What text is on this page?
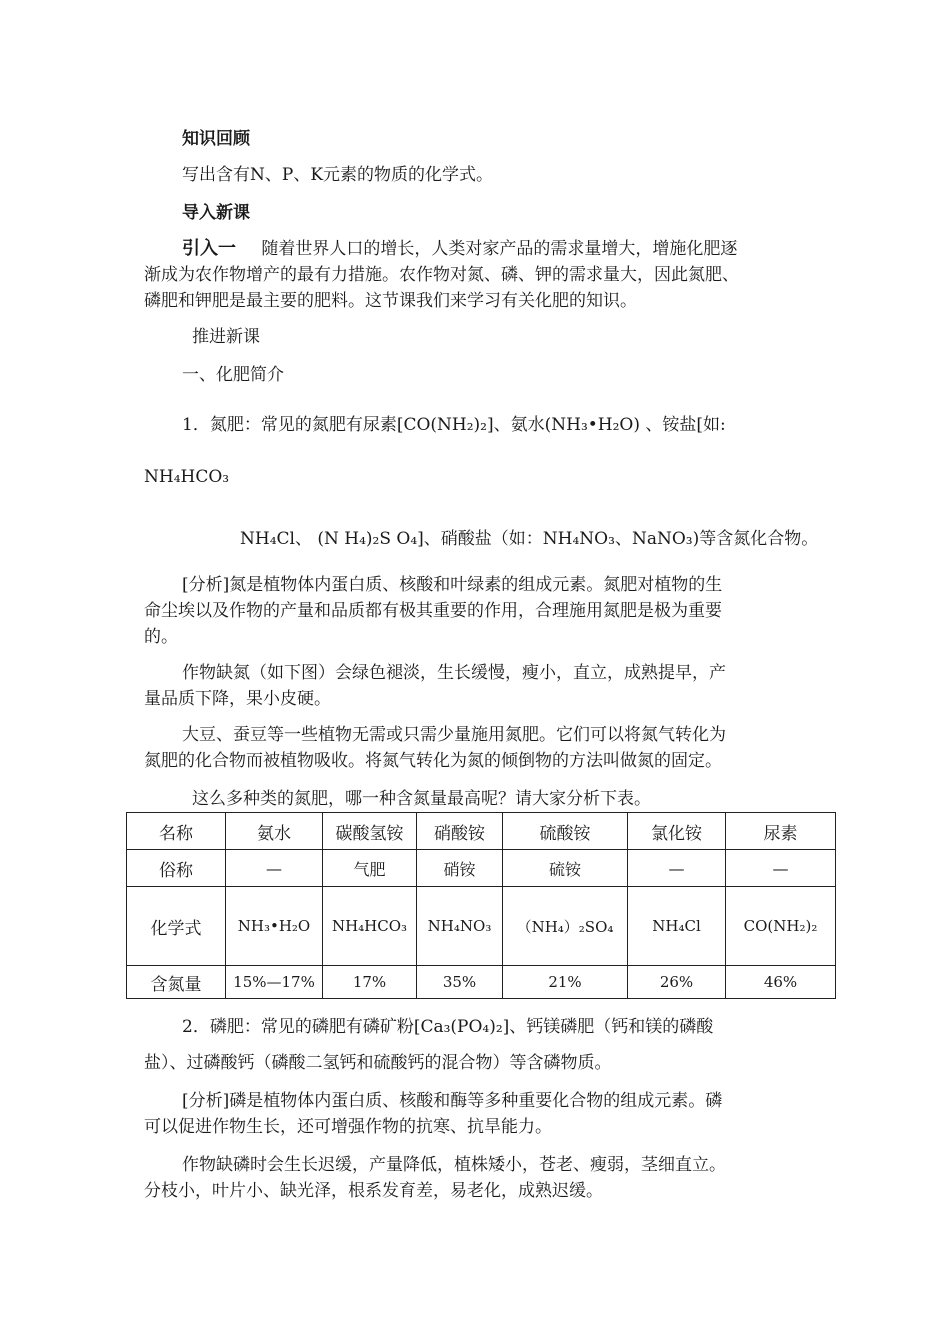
知识回顾
写出含有N、P、K元素的物质的化学式。
导入新课
引入一 随着世界人口的增长，人类对家产品的需求量增大，增施化肥逐
渐成为农作物增产的最有力措施。农作物对氮、磷、钾的需求量大，因此氮肥、
磷肥和钾肥是最主要的肥料。这节课我们来学习有关化肥的知识。
推进新课
一、化肥简介
1．氮肥：常见的氮肥有尿素[CO(NH₂)₂]、氨水(NH₃•H₂O) 、铵盐[如:
NH₄HCO₃
NH₄Cl、 (N H₄)₂S O₄]、硝酸盐（如：NH₄NO₃、NaNO₃)等含氮化合物。
[分析]氮是植物体内蛋白质、核酸和叶绿素的组成元素。氮肥对植物的生
命尘埃以及作物的产量和品质都有极其重要的作用，合理施用氮肥是极为重要
的。
作物缺氮（如下图）会绿色褪淡，生长缓慢，瘦小，直立，成熟提早，产
量品质下降，果小皮硬。
大豆、蚕豆等一些植物无需或只需少量施用氮肥。它们可以将氮气转化为
氮肥的化合物而被植物吸收。将氮气转化为氮的倾倒物的方法叫做氮的固定。
这么多种类的氮肥，哪一种含氮量最高呢？请大家分析下表。
名称	氨水	碳酸氢铵	硝酸铵	硫酸铵	氯化铵	尿素
俗称	—	气肥	硝铵	硫铵	—	—
化学式	NH₃•H₂O	NH₄HCO₃	NH₄NO₃	（NH₄）₂SO₄	NH₄Cl	CO(NH₂)₂
含氮量	15%—17%	17%	35%	21%	26%	46%
2．磷肥：常见的磷肥有磷矿粉[Ca₃(PO₄)₂]、钙镁磷肥（钙和镁的磷酸
盐）、过磷酸钙（磷酸二氢钙和硫酸钙的混合物）等含磷物质。
[分析]磷是植物体内蛋白质、核酸和酶等多种重要化合物的组成元素。磷
可以促进作物生长，还可增强作物的抗寒、抗旱能力。
作物缺磷时会生长迟缓，产量降低，植株矮小，苍老、瘦弱，茎细直立。
分枝小，叶片小、缺光泽，根系发育差，易老化，成熟迟缓。
